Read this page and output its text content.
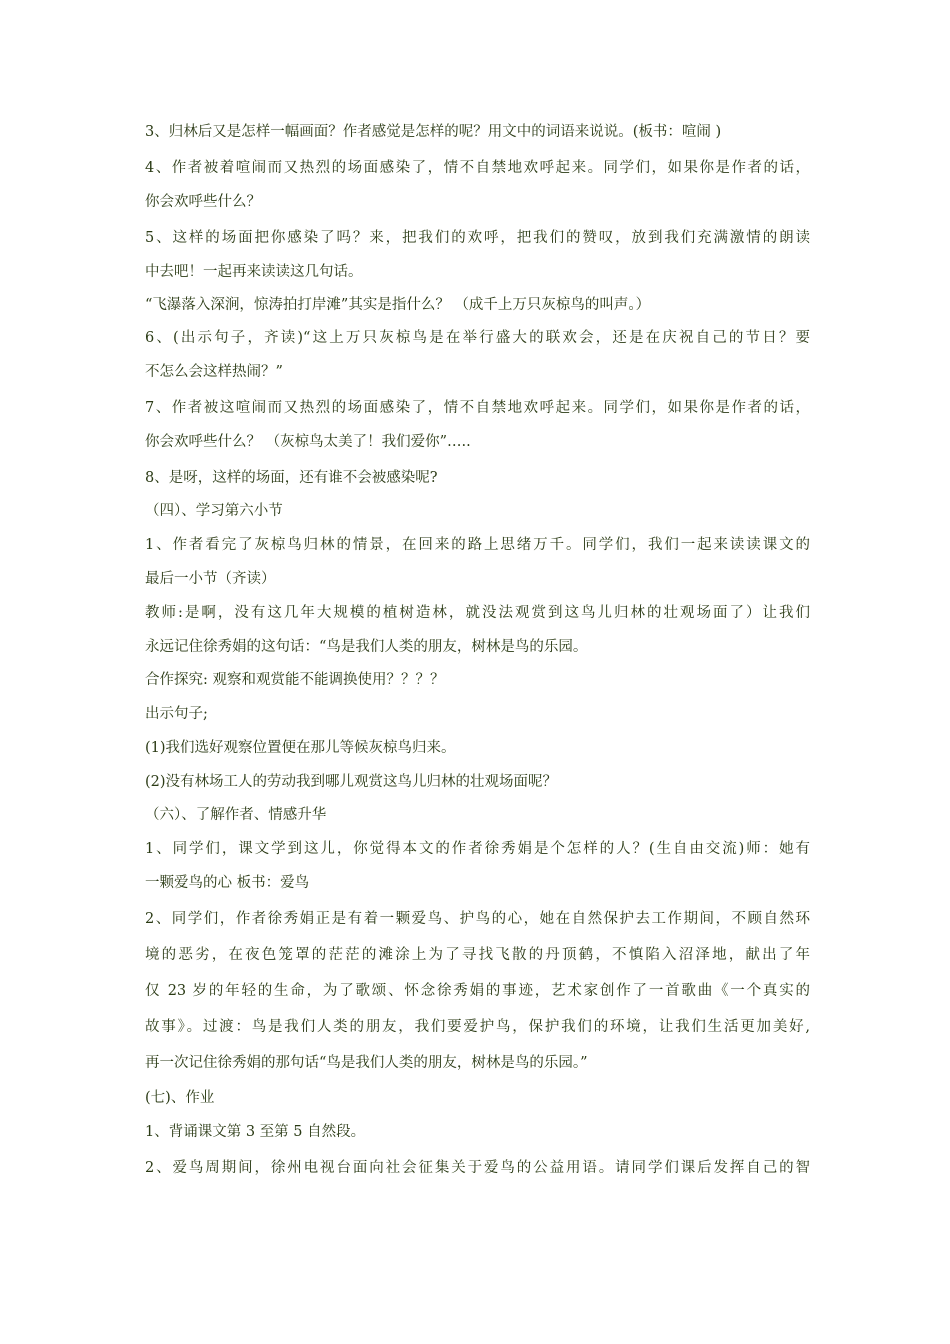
3、归林后又是怎样一幅画面？作者感觉是怎样的呢？用文中的词语来说说。(板书：喧闹 )
4、作者被着喧闹而又热烈的场面感染了，情不自禁地欢呼起来。同学们，如果你是作者的话，
你会欢呼些什么？
5、这样的场面把你感染了吗？来，把我们的欢呼，把我们的赞叹，放到我们充满激情的朗读
中去吧！一起再来读读这几句话。
“飞瀑落入深涧，惊涛拍打岸滩”其实是指什么？ （成千上万只灰椋鸟的叫声。）
6、(出示句子，齐读)“这上万只灰椋鸟是在举行盛大的联欢会，还是在庆祝自己的节日？要
不怎么会这样热闹？”
7、作者被这喧闹而又热烈的场面感染了，情不自禁地欢呼起来。同学们，如果你是作者的话，
你会欢呼些什么？ （灰椋鸟太美了！我们爱你”…..
8、是呀，这样的场面，还有谁不会被感染呢?
（四）、学习第六小节
1、作者看完了灰椋鸟归林的情景，在回来的路上思绪万千。同学们，我们一起来读读课文的
最后一小节（齐读）
教师:是啊，没有这几年大规模的植树造林，就没法观赏到这鸟儿归林的壮观场面了）让我们
永远记住徐秀娟的这句话：“鸟是我们人类的朋友，树林是鸟的乐园。
合作探究: 观察和观赏能不能调换使用？？？？
出示句子;
(1)我们选好观察位置便在那儿等候灰椋鸟归来。
(2)没有林场工人的劳动我到哪儿观赏这鸟儿归林的壮观场面呢？
（六）、了解作者、情感升华
1、同学们，课文学到这儿，你觉得本文的作者徐秀娟是个怎样的人？(生自由交流)师：她有
一颗爱鸟的心 板书：爱鸟
2、同学们，作者徐秀娟正是有着一颗爱鸟、护鸟的心，她在自然保护去工作期间，不顾自然环
境的恶劣，在夜色笼罩的茫茫的滩涂上为了寻找飞散的丹顶鹤，不慎陷入沼泽地，献出了年
仅 23 岁的年轻的生命，为了歌颂、怀念徐秀娟的事迹，艺术家创作了一首歌曲《一个真实的
故事》。过渡：鸟是我们人类的朋友，我们要爱护鸟，保护我们的环境，让我们生活更加美好,
再一次记住徐秀娟的那句话“鸟是我们人类的朋友，树林是鸟的乐园。”
(七)、作业
1、背诵课文第 3 至第 5 自然段。
2、爱鸟周期间，徐州电视台面向社会征集关于爱鸟的公益用语。请同学们课后发挥自己的智
